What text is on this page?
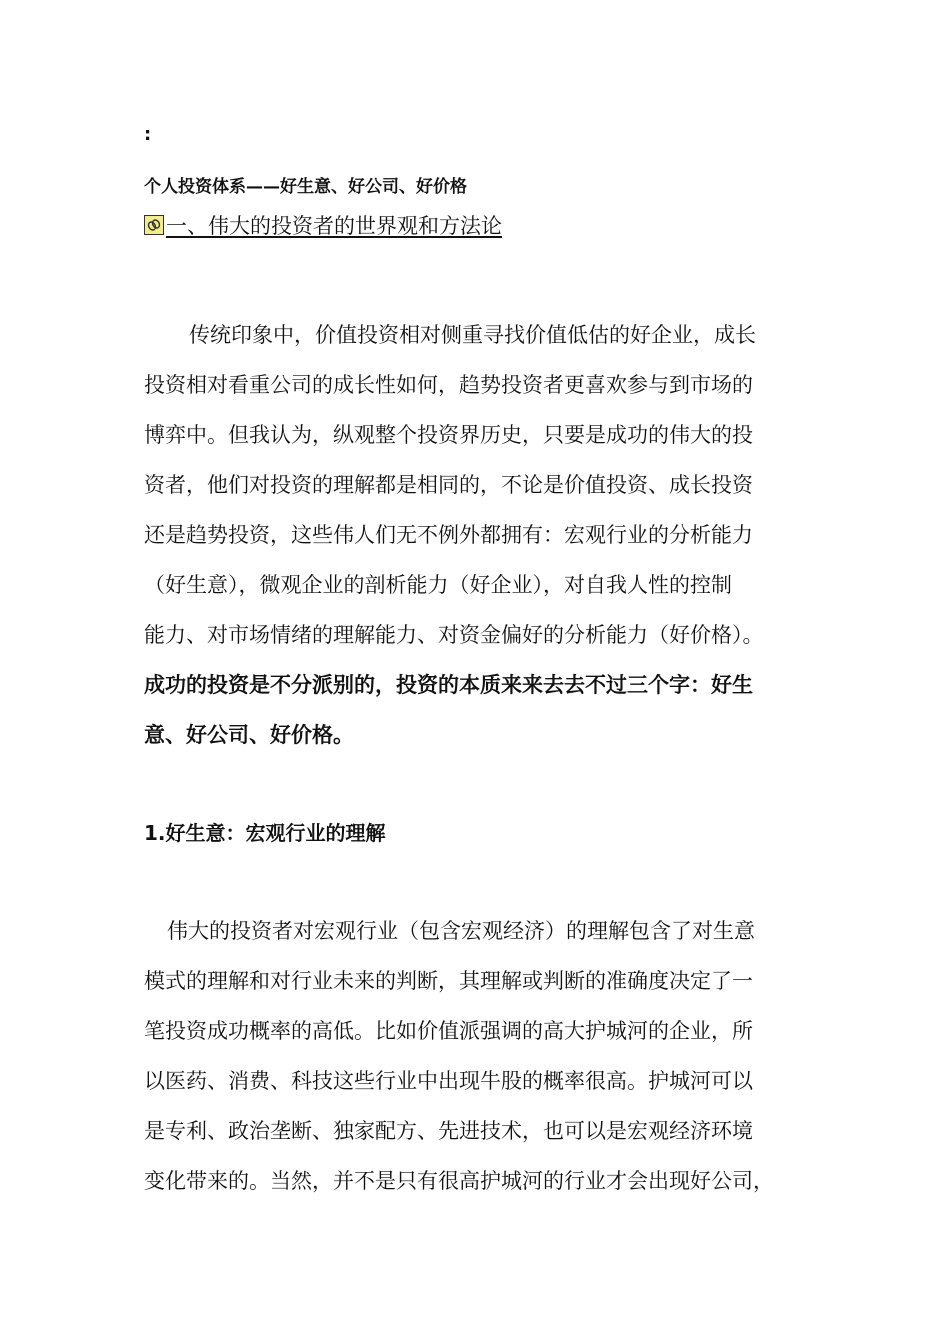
:
个人投资体系——好生意、好公司、好价格
一、伟大的投资者的世界观和方法论
传统印象中，价值投资相对侧重寻找价值低估的好企业，成长
投资相对看重公司的成长性如何，趋势投资者更喜欢参与到市场的
博弈中。但我认为，纵观整个投资界历史，只要是成功的伟大的投
资者，他们对投资的理解都是相同的，不论是价值投资、成长投资
还是趋势投资，这些伟人们无不例外都拥有：宏观行业的分析能力
（好生意），微观企业的剖析能力（好企业），对自我人性的控制
能力、对市场情绪的理解能力、对资金偏好的分析能力（好价格）。
成功的投资是不分派别的，投资的本质来来去去不过三个字：好生
意、好公司、好价格。
1.好生意：宏观行业的理解
伟大的投资者对宏观行业（包含宏观经济）的理解包含了对生意
模式的理解和对行业未来的判断，其理解或判断的准确度决定了一
笔投资成功概率的高低。比如价值派强调的高大护城河的企业，所
以医药、消费、科技这些行业中出现牛股的概率很高。护城河可以
是专利、政治垄断、独家配方、先进技术，也可以是宏观经济环境
变化带来的。当然，并不是只有很高护城河的行业才会出现好公司，
